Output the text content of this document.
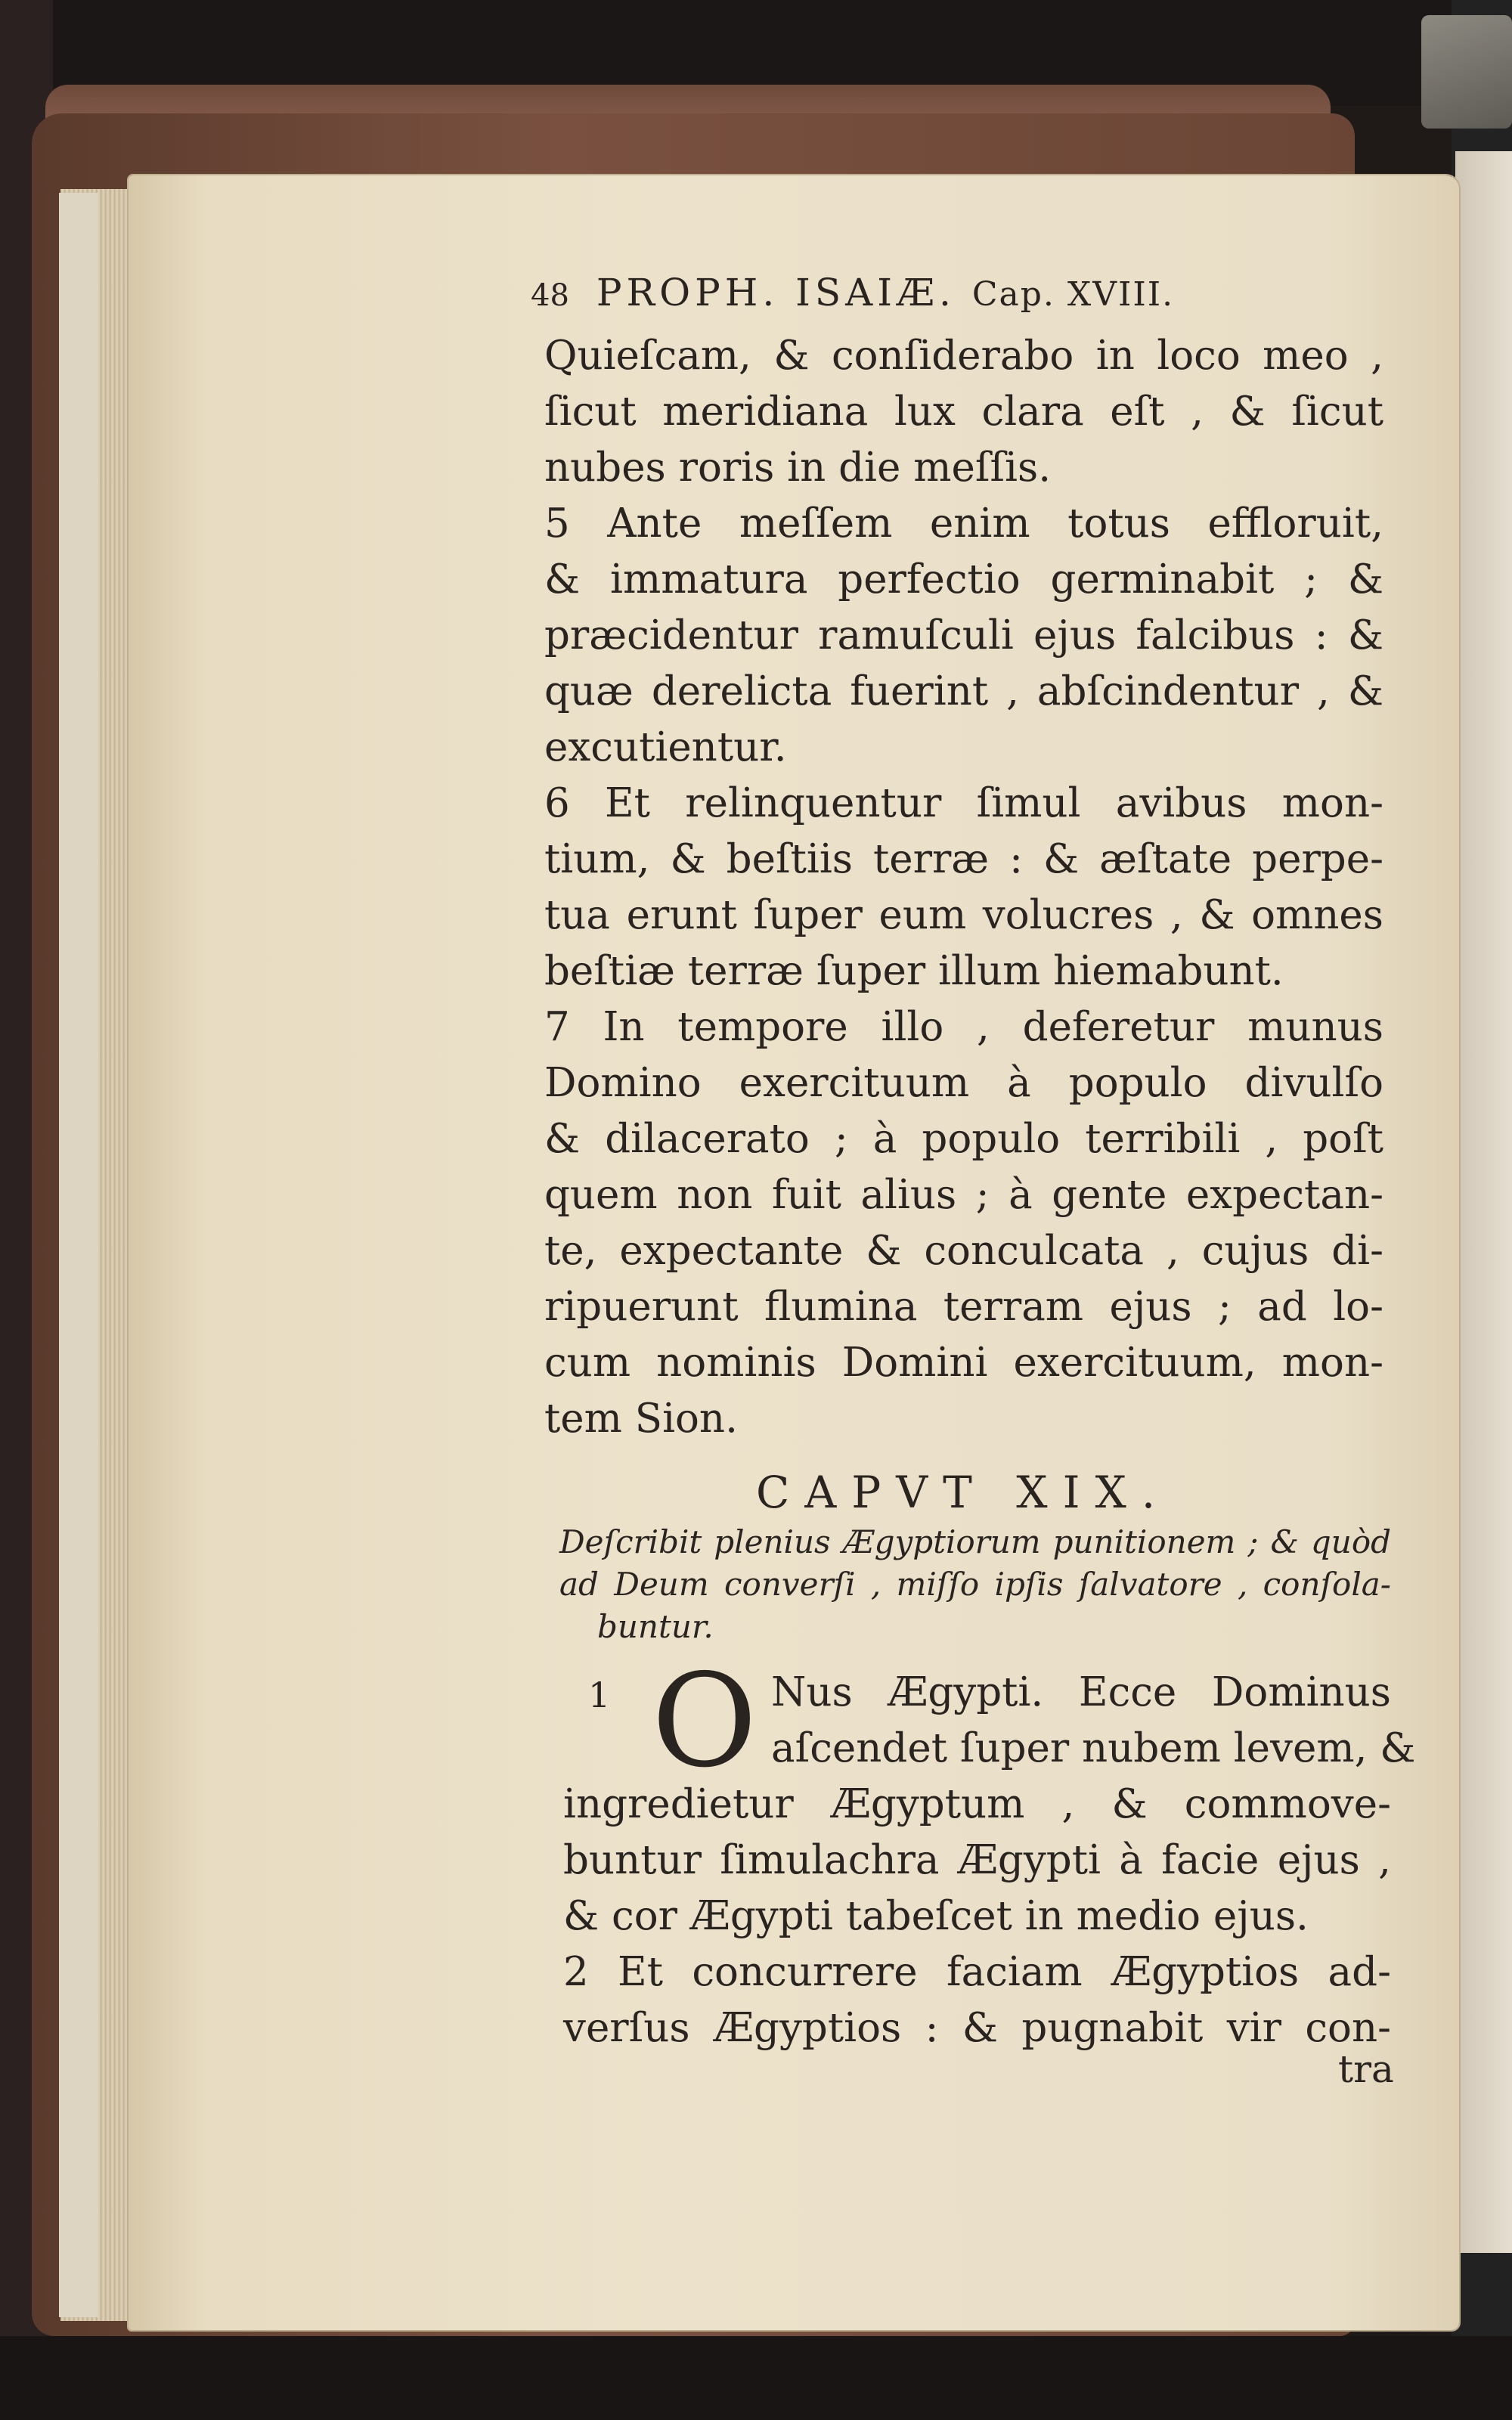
48 PROPH. ISAIÆ. Cap. XVIII.
Quieſcam, & conſiderabo in loco meo ,
ſicut meridiana lux clara eſt , & ſicut
nubes roris in die meſſis.
5 Ante meſſem enim totus effloruit,
& immatura perfectio germinabit ; &
præcidentur ramuſculi ejus falcibus : &
quæ derelicta fuerint , abſcindentur , &
excutientur.
6 Et relinquentur ſimul avibus mon-
tium, & beſtiis terræ : & æſtate perpe-
tua erunt ſuper eum volucres , & omnes
beſtiæ terræ ſuper illum hiemabunt.
7 In tempore illo , deferetur munus
Domino exercituum à populo divulſo
& dilacerato ; à populo terribili , poſt
quem non fuit alius ; à gente expectan-
te, expectante & conculcata , cujus di-
ripuerunt flumina terram ejus ; ad lo-
cum nominis Domini exercituum, mon-
tem Sion.
CAPVT XIX.
Deſcribit plenius Ægyptiorum punitionem ; & quòd
ad Deum converſi , miſſo ipſis ſalvatore , conſola-
buntur.
1 O Nus Ægypti. Ecce Dominus
aſcendet ſuper nubem levem, &
ingredietur Ægyptum , & commove-
buntur ſimulachra Ægypti à facie ejus ,
& cor Ægypti tabeſcet in medio ejus.
2 Et concurrere faciam Ægyptios ad-
verſus Ægyptios : & pugnabit vir con-
tra
